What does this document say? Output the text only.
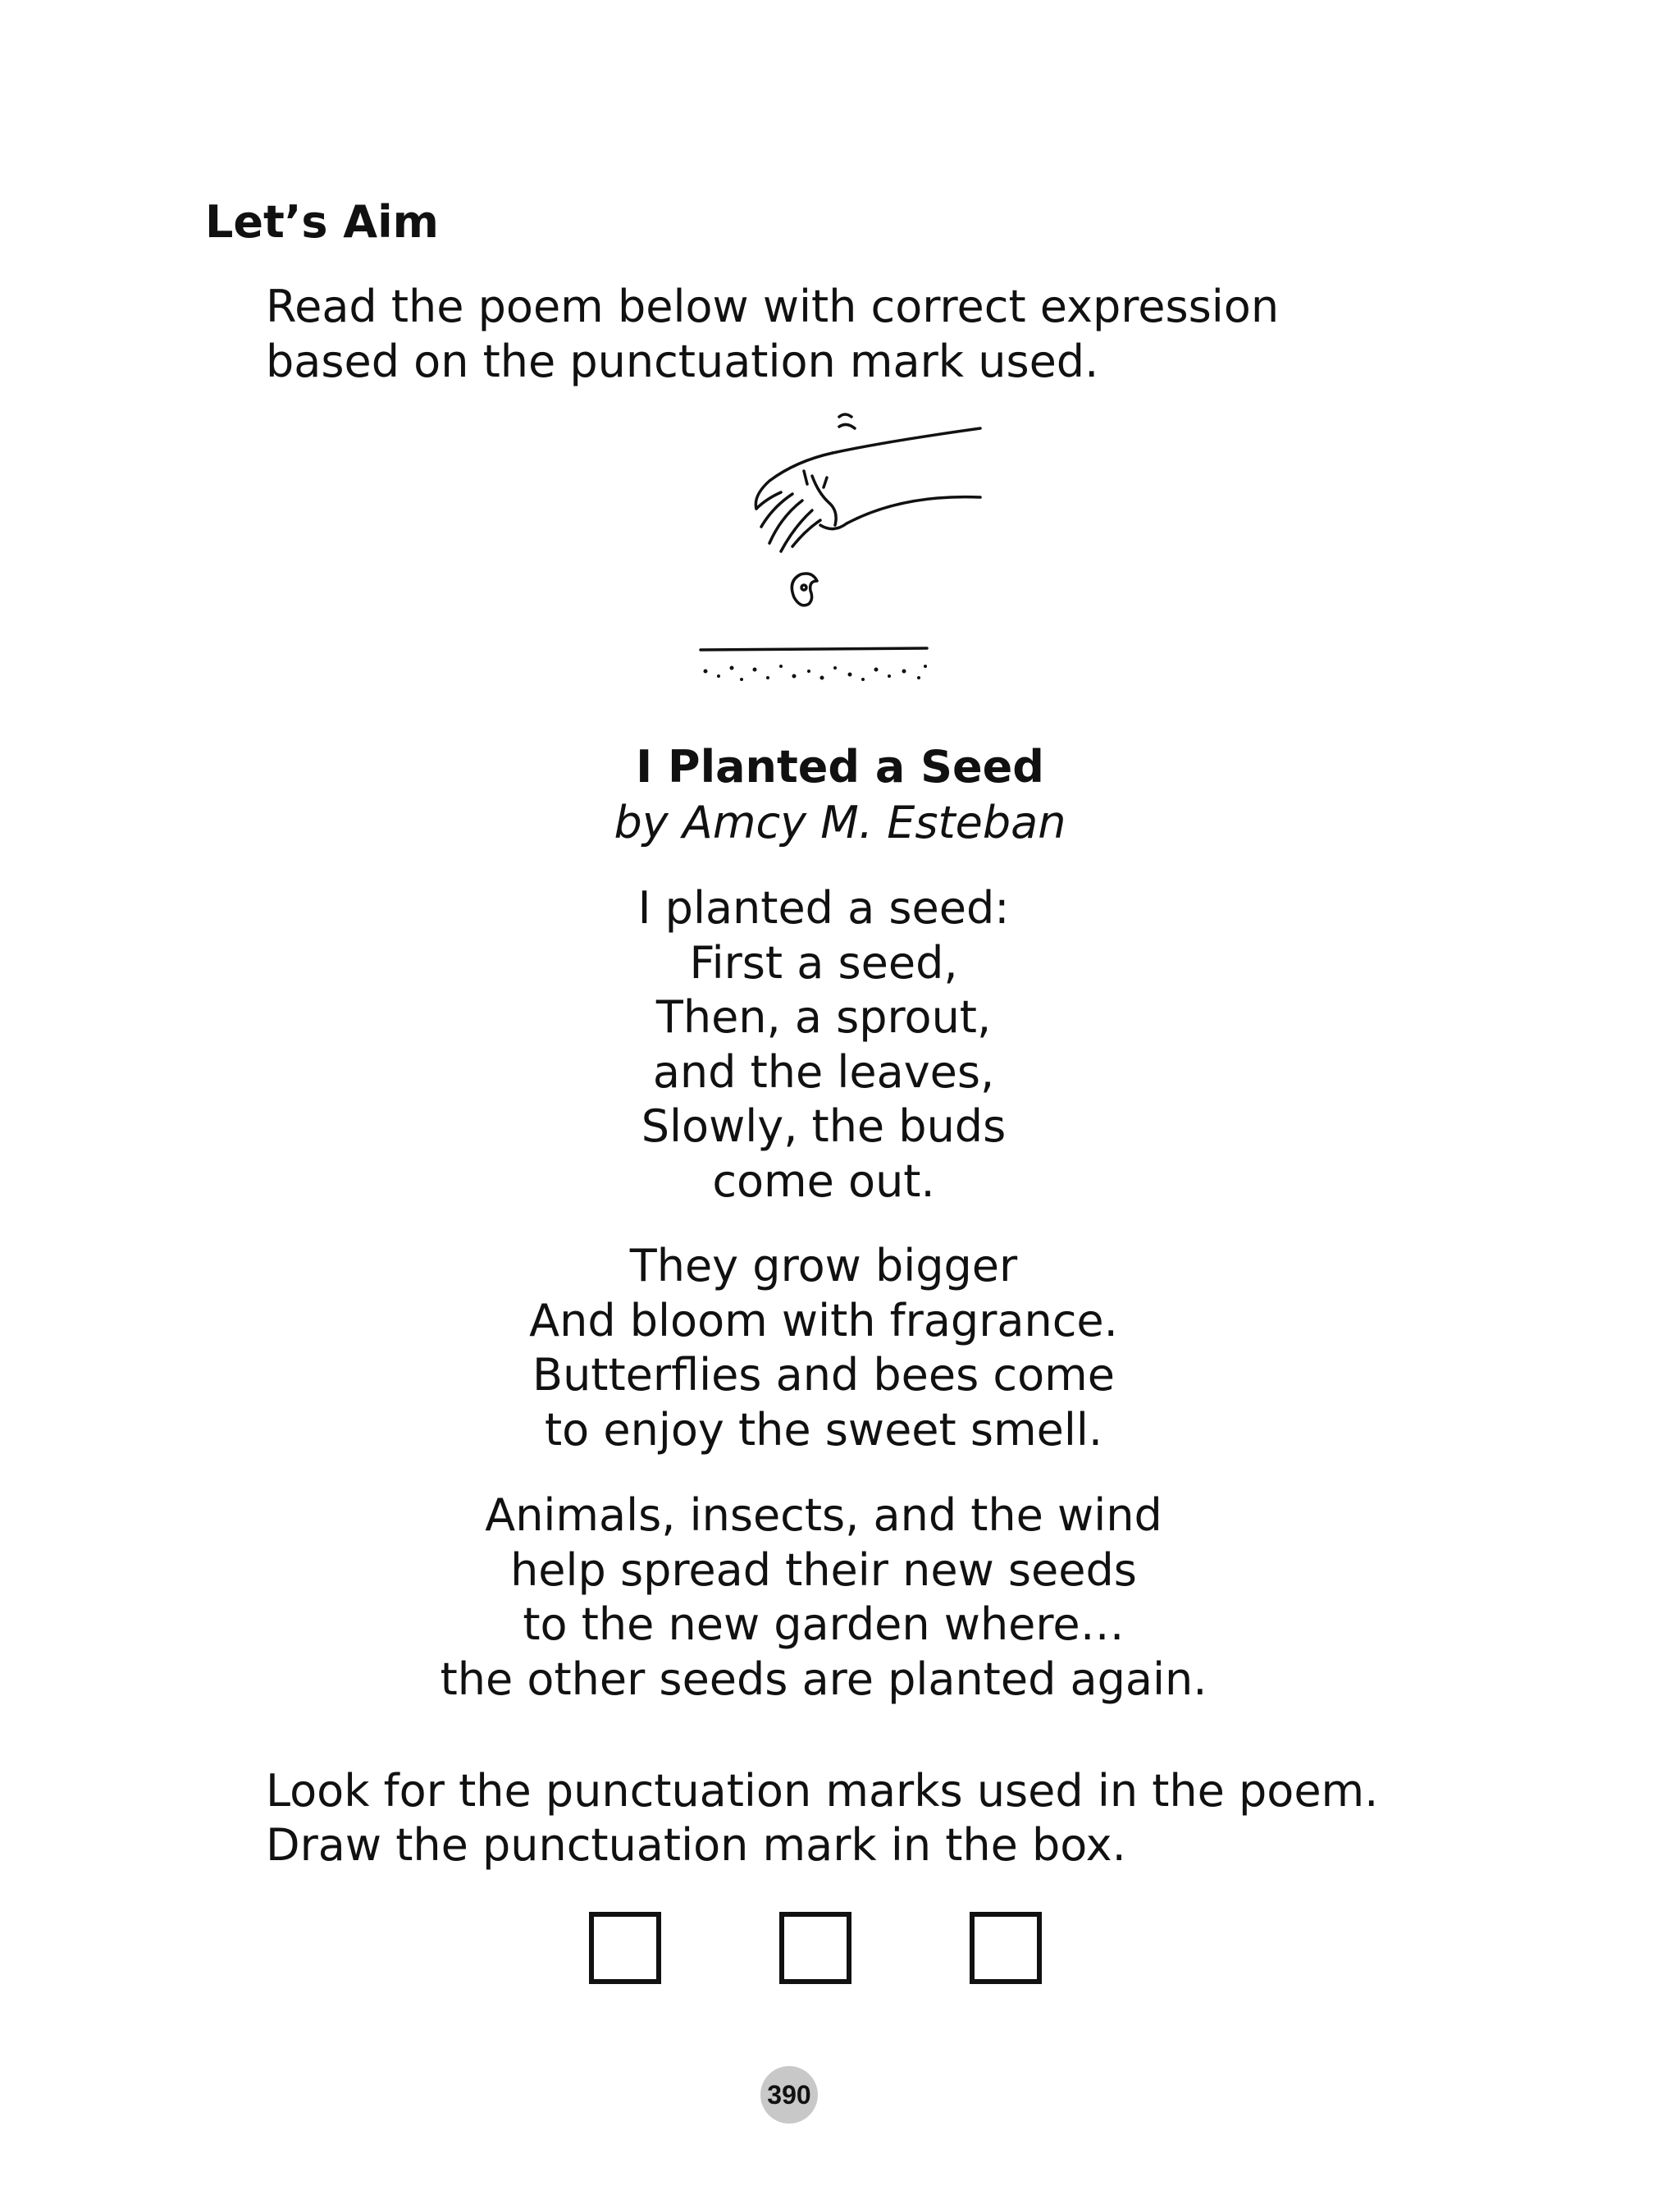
Let’s Aim
Read the poem below with correct expression
based on the punctuation mark used.
I Planted a Seed
by Amcy M. Esteban
I planted a seed:
First a seed,
Then, a sprout,
and the leaves,
Slowly, the buds
come out.
They grow bigger
And bloom with fragrance.
Butterflies and bees come
to enjoy the sweet smell.
Animals, insects, and the wind
help spread their new seeds
to the new garden where…
the other seeds are planted again.
Look for the punctuation marks used in the poem.
Draw the punctuation mark in the box.
390
